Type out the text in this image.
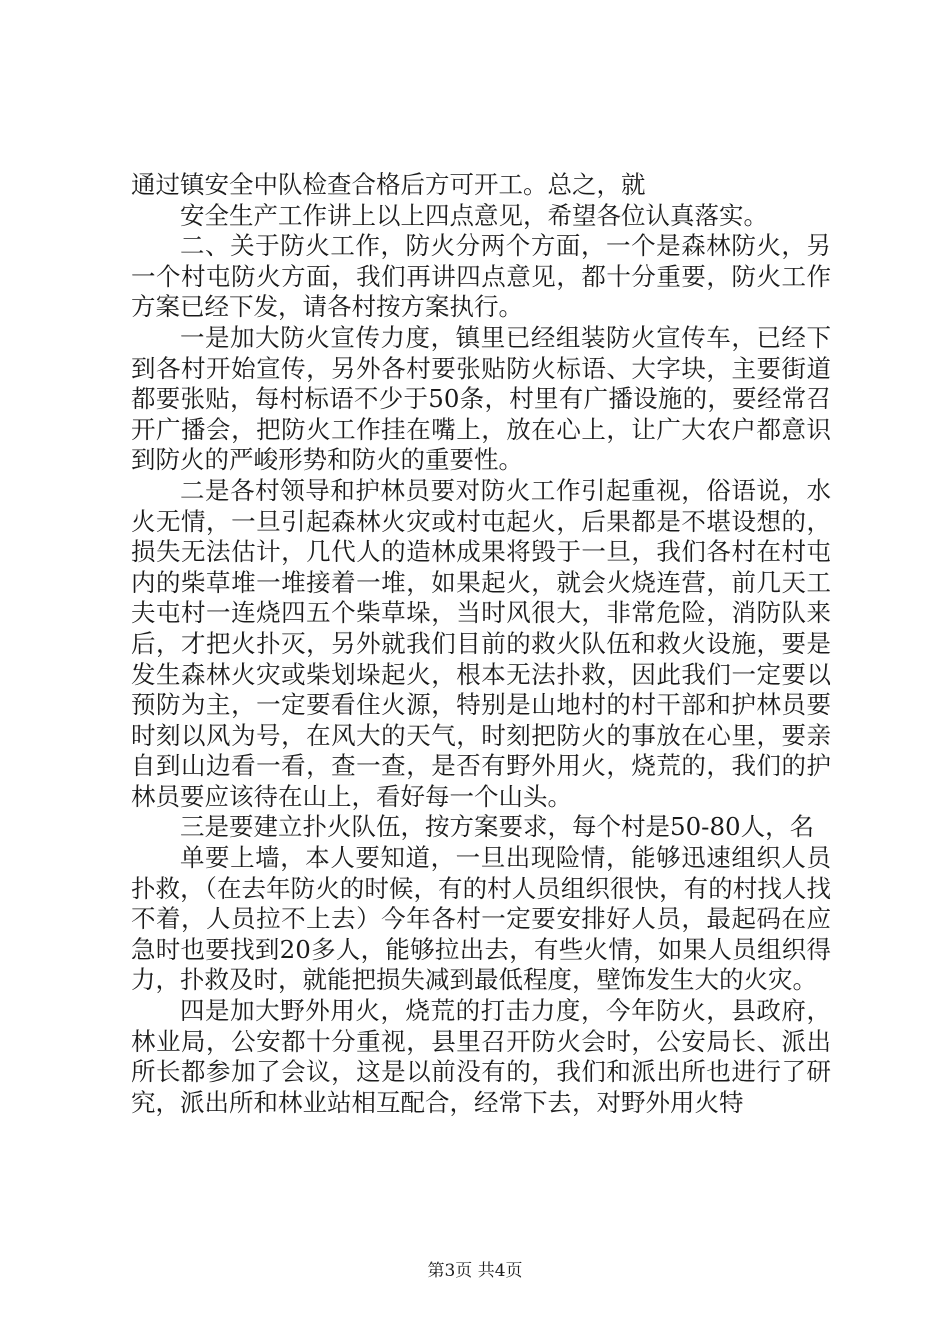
通过镇安全中队检查合格后方可开工。总之，就

安全生产工作讲上以上四点意见，希望各位认真落实。

二、关于防火工作，防火分两个方面，一个是森林防火，另一个村屯防火方面，我们再讲四点意见，都十分重要，防火工作方案已经下发，请各村按方案执行。

一是加大防火宣传力度，镇里已经组装防火宣传车，已经下到各村开始宣传，另外各村要张贴防火标语、大字块，主要街道都要张贴，每村标语不少于50条，村里有广播设施的，要经常召开广播会，把防火工作挂在嘴上，放在心上，让广大农户都意识到防火的严峻形势和防火的重要性。

二是各村领导和护林员要对防火工作引起重视，俗语说，水火无情，一旦引起森林火灾或村屯起火，后果都是不堪设想的，损失无法估计，几代人的造林成果将毁于一旦，我们各村在村屯内的柴草堆一堆接着一堆，如果起火，就会火烧连营，前几天工夫屯村一连烧四五个柴草垛，当时风很大，非常危险，消防队来后，才把火扑灭，另外就我们目前的救火队伍和救火设施，要是发生森林火灾或柴划垛起火，根本无法扑救，因此我们一定要以预防为主，一定要看住火源，特别是山地村的村干部和护林员要时刻以风为号，在风大的天气，时刻把防火的事放在心里，要亲自到山边看一看，查一查，是否有野外用火，烧荒的，我们的护林员要应该待在山上，看好每一个山头。

三是要建立扑火队伍，按方案要求，每个村是50-80人，名

单要上墙，本人要知道，一旦出现险情，能够迅速组织人员扑救，（在去年防火的时候，有的村人员组织很快，有的村找人找不着，人员拉不上去）今年各村一定要安排好人员，最起码在应急时也要找到20多人，能够拉出去，有些火情，如果人员组织得力，扑救及时，就能把损失减到最低程度，壁饰发生大的火灾。

四是加大野外用火，烧荒的打击力度，今年防火，县政府，林业局，公安都十分重视，县里召开防火会时，公安局长、派出所长都参加了会议，这是以前没有的，我们和派出所也进行了研究，派出所和林业站相互配合，经常下去，对野外用火特

第3页 共4页
